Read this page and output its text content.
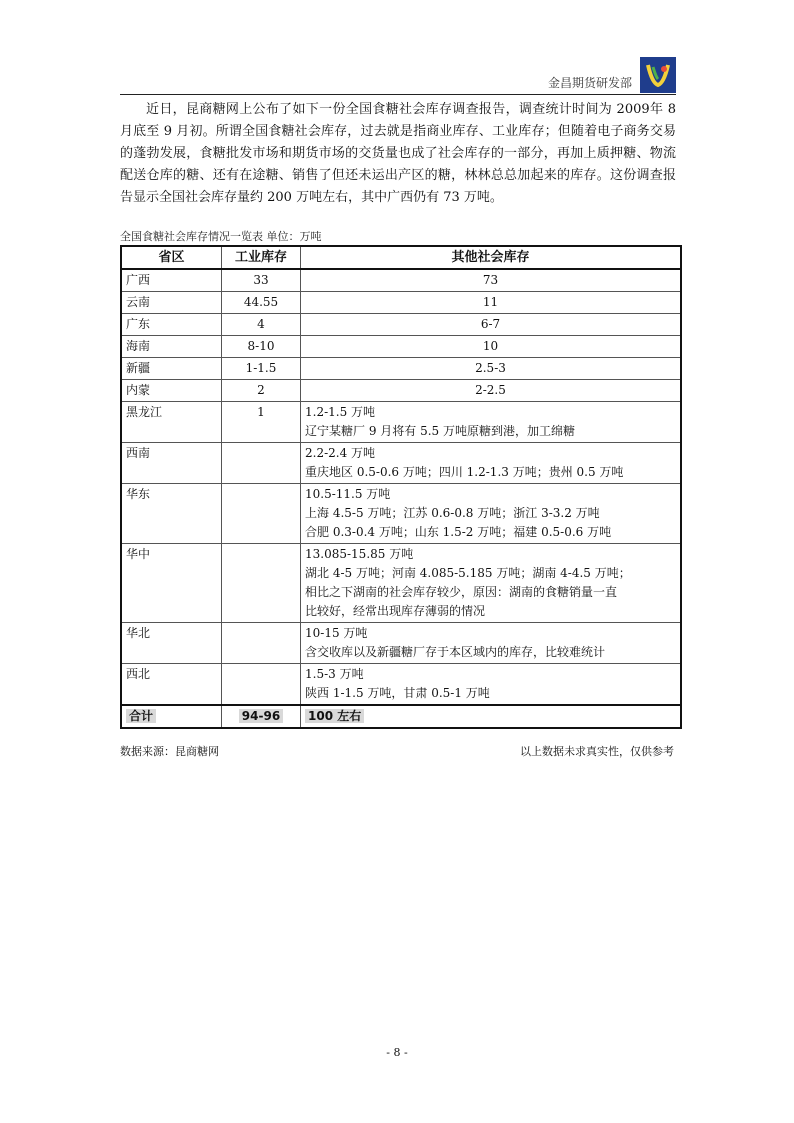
金昌期货研发部

近日，昆商糖网上公布了如下一份全国食糖社会库存调查报告，调查统计时间为 2009年 8 月底至 9 月初。所谓全国食糖社会库存，过去就是指商业库存、工业库存；但随着电子商务交易的蓬勃发展，食糖批发市场和期货市场的交货量也成了社会库存的一部分，再加上质押糖、物流配送仓库的糖、还有在途糖、销售了但还未运出产区的糖，林林总总加起来的库存。这份调查报告显示全国社会库存量约 200 万吨左右，其中广西仍有 73 万吨。

全国食糖社会库存情况一览表 单位：万吨
省区	工业库存	其他社会库存
广西	33	73

云南	44.55	11

广东	4	6-7

海南	8-10	10

新疆	1-1.5	2.5-3

内蒙	2	2-2.5

黑龙江	1	1.2-1.5 万吨
辽宁某糖厂 9 月将有 5.5 万吨原糖到港，加工绵糖

西南		2.2-2.4 万吨
重庆地区 0.5-0.6 万吨；四川 1.2-1.3 万吨；贵州 0.5 万吨

华东		10.5-11.5 万吨
上海 4.5-5 万吨；江苏 0.6-0.8 万吨；浙江 3-3.2 万吨
合肥 0.3-0.4 万吨；山东 1.5-2 万吨；福建 0.5-0.6 万吨

华中		13.085-15.85 万吨
湖北 4-5 万吨；河南 4.085-5.185 万吨；湖南 4-4.5 万吨；
相比之下湖南的社会库存较少，原因：湖南的食糖销量一直
比较好，经常出现库存薄弱的情况

华北		10-15 万吨
含交收库以及新疆糖厂存于本区域内的库存，比较难统计

西北		1.5-3 万吨
陕西 1-1.5 万吨，甘肃 0.5-1 万吨

合计	94-96	100 左右
数据来源：昆商糖网	以上数据未求真实性，仅供参考
- 8 -
